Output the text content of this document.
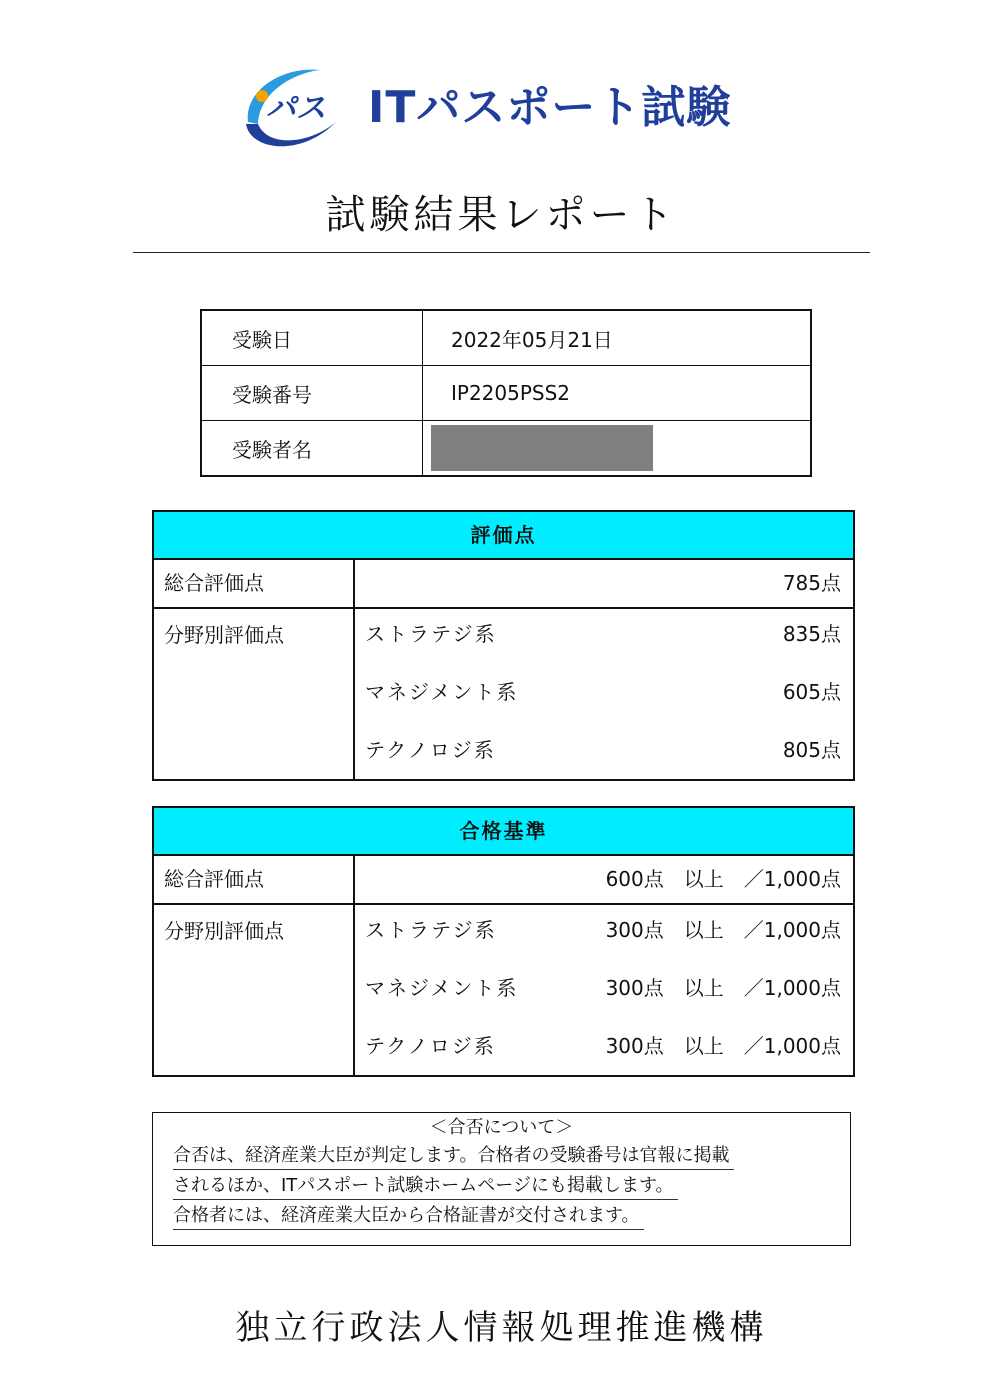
パス ITパスポート試験
試験結果レポート
受験日	2022年05月21日
受験番号	IP2205PSS2
受験者名	
評価点
総合評価点	785点
分野別評価点	ストラテジ系	835点
マネジメント系	605点
テクノロジ系	805点
合格基準
総合評価点	600点　以上　／1,000点
分野別評価点	ストラテジ系	300点　以上　／1,000点
マネジメント系	300点　以上　／1,000点
テクノロジ系	300点　以上　／1,000点
＜合否について＞
合否は、経済産業大臣が判定します。合格者の受験番号は官報に掲載
されるほか、ITパスポート試験ホームページにも掲載します。
合格者には、経済産業大臣から合格証書が交付されます。
独立行政法人情報処理推進機構
